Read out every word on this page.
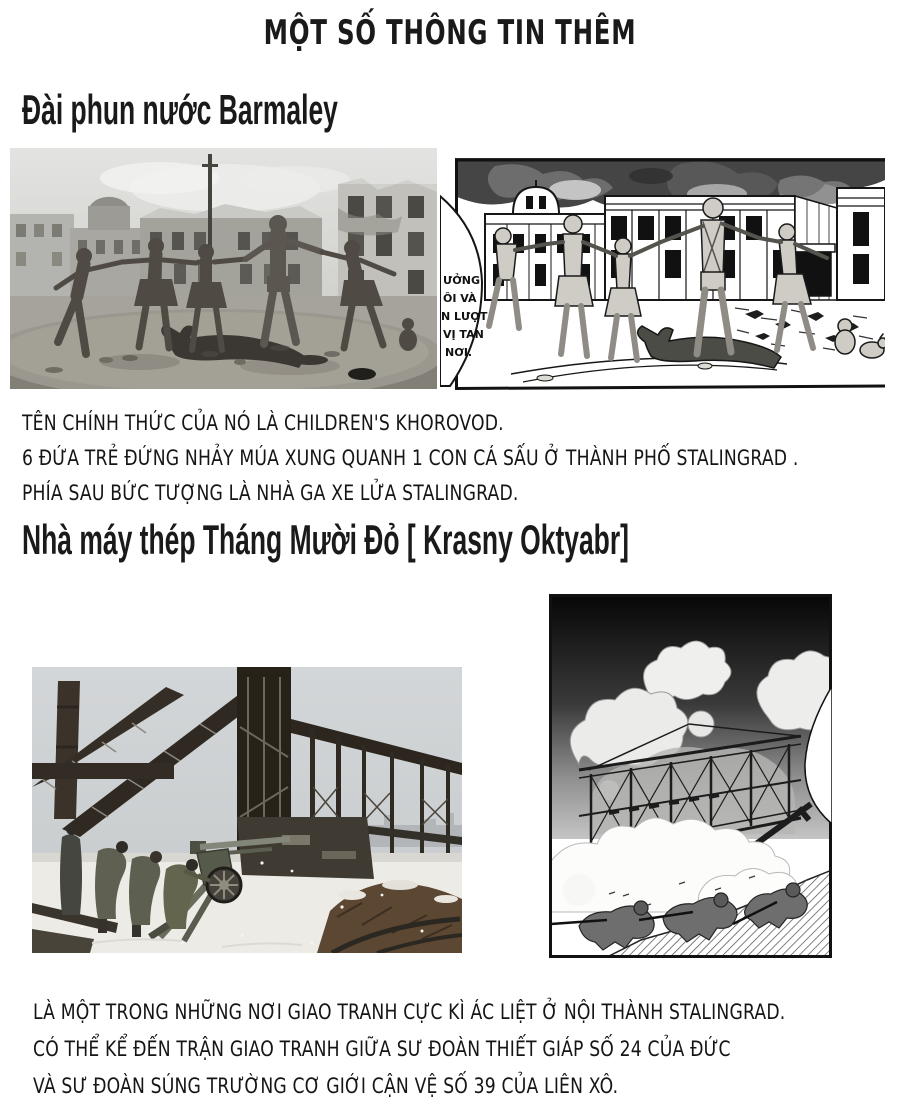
MỘT SỐ THÔNG TIN THÊM
Đài phun nước Barmaley
ƯỞNG
ÔI VÀ
N LƯỢT
VỊ TAN
NƠI.
TÊN CHÍNH THỨC CỦA NÓ LÀ CHILDREN'S KHOROVOD.
6 ĐỨA TRẺ ĐỨNG NHẢY MÚA XUNG QUANH 1 CON CÁ SẤU Ở THÀNH PHỐ STALINGRAD .
PHÍA SAU BỨC TƯỢNG LÀ NHÀ GA XE LỬA STALINGRAD.
Nhà máy thép Tháng Mười Đỏ [ Krasny Oktyabr]
LÀ MỘT TRONG NHỮNG NƠI GIAO TRANH CỰC KÌ ÁC LIỆT Ở NỘI THÀNH STALINGRAD.
CÓ THỂ KỂ ĐẾN TRẬN GIAO TRANH GIỮA SƯ ĐOÀN THIẾT GIÁP SỐ 24 CỦA ĐỨC
VÀ SƯ ĐOÀN SÚNG TRƯỜNG CƠ GIỚI CẬN VỆ SỐ 39 CỦA LIÊN XÔ.
